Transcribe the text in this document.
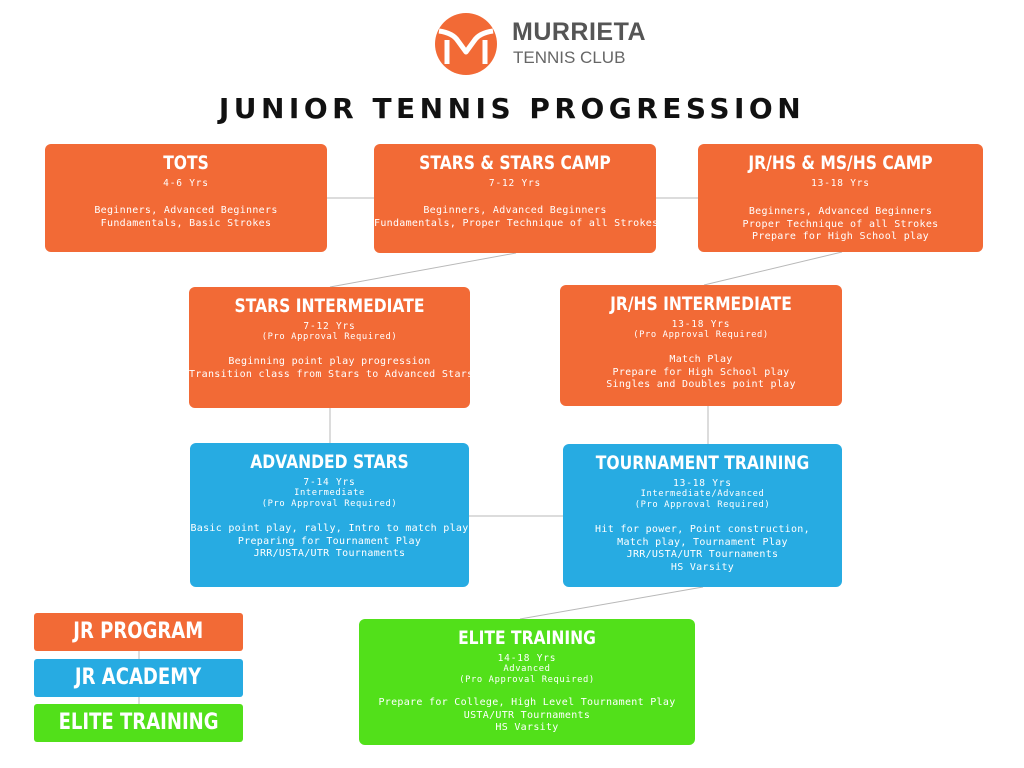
MURRIETA
TENNIS CLUB
JUNIOR TENNIS PROGRESSION
TOTS
4-6 Yrs
Beginners, Advanced Beginners
Fundamentals, Basic Strokes
STARS & STARS CAMP
7-12 Yrs
Beginners, Advanced Beginners
Fundamentals, Proper Technique of all Strokes
JR/HS & MS/HS CAMP
13-18 Yrs
Beginners, Advanced Beginners
Proper Technique of all Strokes
Prepare for High School play
STARS INTERMEDIATE
7-12 Yrs
(Pro Approval Required)
Beginning point play progression
Transition class from Stars to Advanced Stars
JR/HS INTERMEDIATE
13-18 Yrs
(Pro Approval Required)
Match Play
Prepare for High School play
Singles and Doubles point play
ADVANDED STARS
7-14 Yrs
Intermediate
(Pro Approval Required)
Basic point play, rally, Intro to match play
Preparing for Tournament Play
JRR/USTA/UTR Tournaments
TOURNAMENT TRAINING
13-18 Yrs
Intermediate/Advanced
(Pro Approval Required)
Hit for power, Point construction,
Match play, Tournament Play
JRR/USTA/UTR Tournaments
HS Varsity
ELITE TRAINING
14-18 Yrs
Advanced
(Pro Approval Required)
Prepare for College, High Level Tournament Play
USTA/UTR Tournaments
HS Varsity
JR PROGRAM
JR ACADEMY
ELITE TRAINING
